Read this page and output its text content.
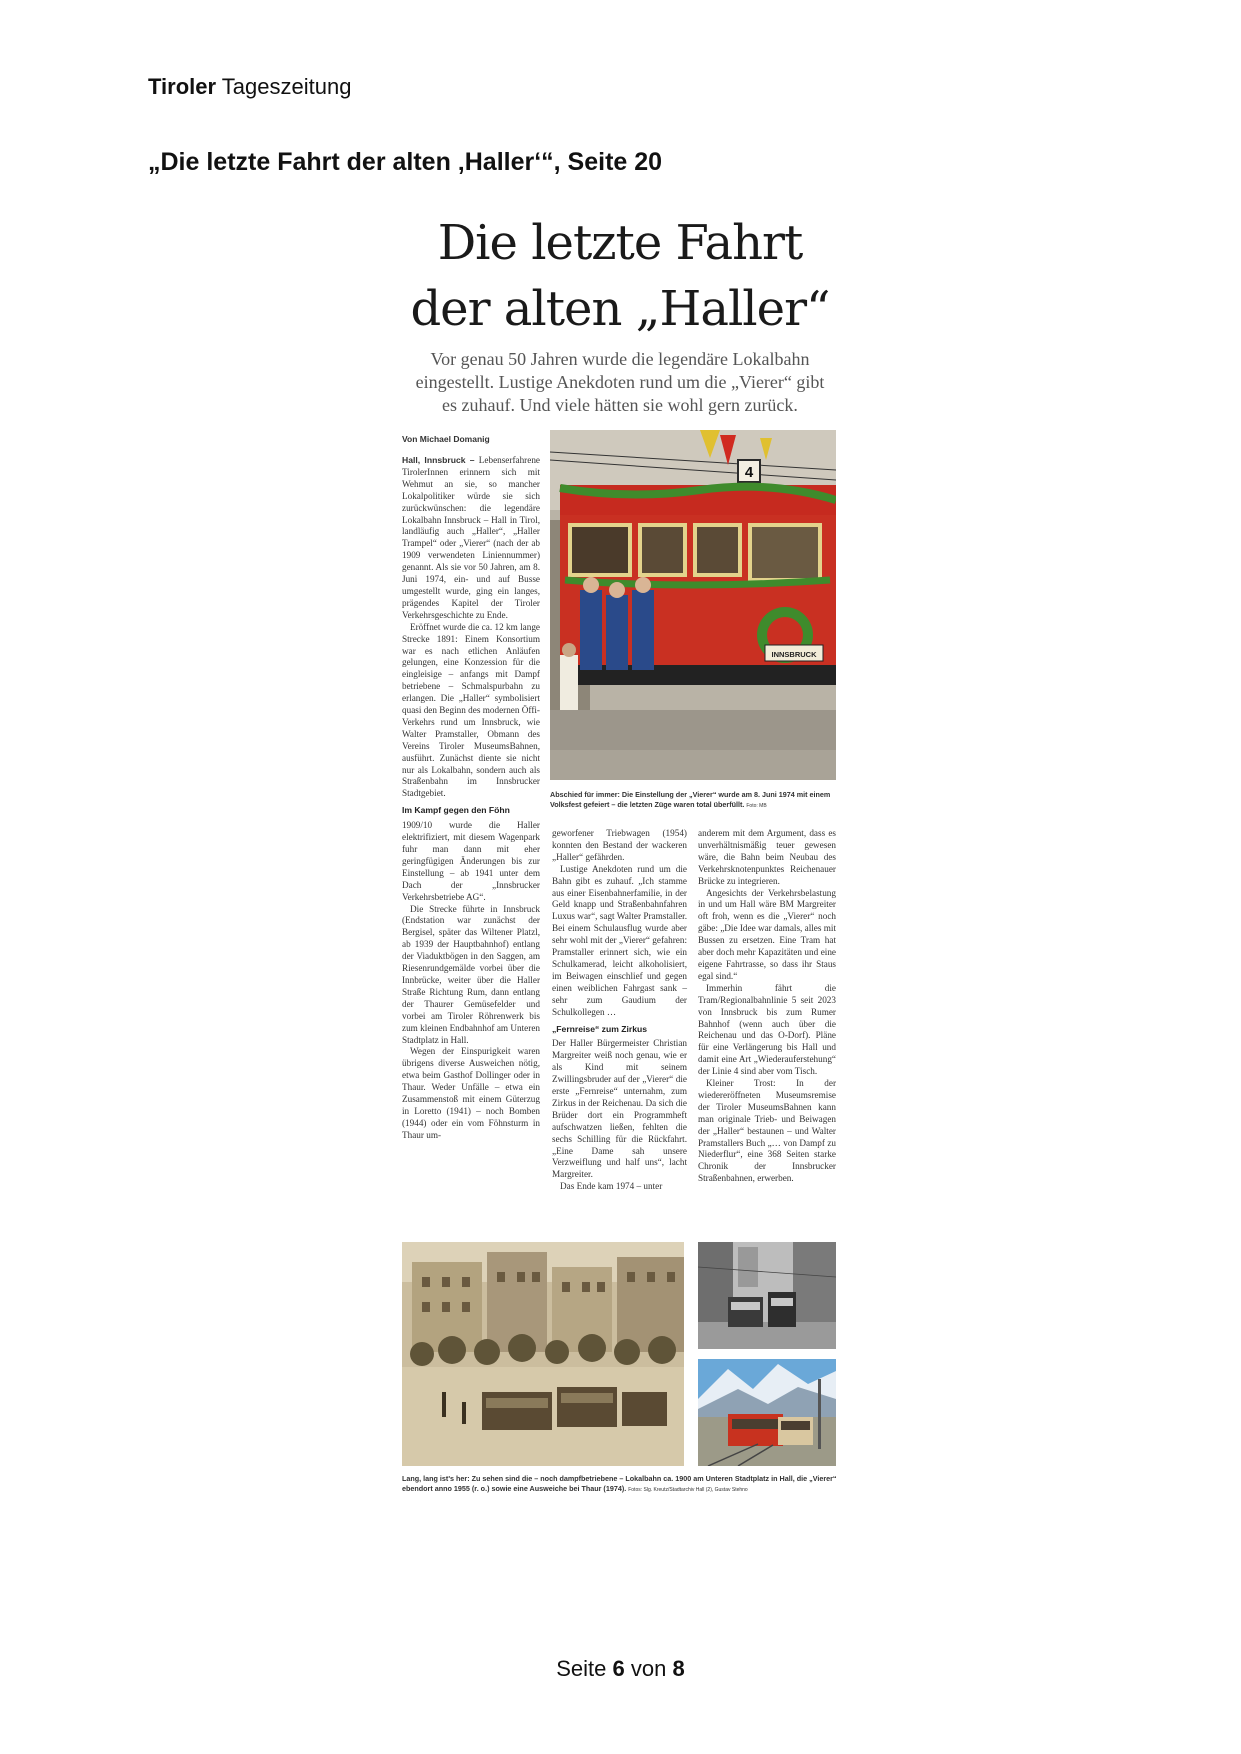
Tiroler Tageszeitung
„Die letzte Fahrt der alten ‚Haller‘“, Seite 20
Die letzte Fahrt
der alten „Haller“
Vor genau 50 Jahren wurde die legendäre Lokalbahn eingestellt. Lustige Anekdoten rund um die „Vierer“ gibt es zuhauf. Und viele hätten sie wohl gern zurück.
Von Michael Domanig

Hall, Innsbruck – Lebenserfahrene TirolerInnen erinnern sich mit Wehmut an sie, so mancher Lokalpolitiker würde sie sich zurückwünschen: die legendäre Lokalbahn Innsbruck – Hall in Tirol, landläufig auch „Haller“, „Haller Trampel“ oder „Vierer“ (nach der ab 1909 verwendeten Liniennummer) genannt. Als sie vor 50 Jahren, am 8. Juni 1974, ein- und auf Busse umgestellt wurde, ging ein langes, prägendes Kapitel der Tiroler Verkehrsgeschichte zu Ende.

Eröffnet wurde die ca. 12 km lange Strecke 1891: Einem Konsortium war es nach etlichen Anläufen gelungen, eine Konzession für die eingleisige – anfangs mit Dampf betriebene – Schmalspurbahn zu erlangen. Die „Haller“ symbolisiert quasi den Beginn des modernen Öffi-Verkehrs rund um Innsbruck, wie Walter Pramstaller, Obmann des Vereins Tiroler MuseumsBahnen, ausführt. Zunächst diente sie nicht nur als Lokalbahn, sondern auch als Straßenbahn im Innsbrucker Stadtgebiet.

Im Kampf gegen den Föhn

1909/10 wurde die Haller elektrifiziert, mit diesem Wagenpark fuhr man dann mit eher geringfügigen Änderungen bis zur Einstellung – ab 1941 unter dem Dach der „Innsbrucker Verkehrsbetriebe AG“.

Die Strecke führte in Innsbruck (Endstation war zunächst der Bergisel, später das Wiltener Platzl, ab 1939 der Hauptbahnhof) entlang der Viaduktbögen in den Saggen, am Riesenrundgemälde vorbei über die Innbrücke, weiter über die Haller Straße Richtung Rum, dann entlang der Thaurer Gemüsefelder und vorbei am Tiroler Röhrenwerk bis zum kleinen Endbahnhof am Unteren Stadtplatz in Hall.

Wegen der Einspurigkeit waren übrigens diverse Ausweichen nötig, etwa beim Gasthof Dollinger oder in Thaur. Weder Unfälle – etwa ein Zusammenstoß mit einem Güterzug in Loretto (1941) – noch Bomben (1944) oder ein vom Föhnsturm in Thaur um-

4
INNSBRUCK
Abschied für immer: Die Einstellung der „Vierer“ wurde am 8. Juni 1974 mit einem Volksfest gefeiert – die letzten Züge waren total überfüllt. Foto: MB

geworfener Triebwagen (1954) konnten den Bestand der wackeren „Haller“ gefährden.

Lustige Anekdoten rund um die Bahn gibt es zuhauf. „Ich stamme aus einer Eisenbahnerfamilie, in der Geld knapp und Straßenbahnfahren Luxus war“, sagt Walter Pramstaller. Bei einem Schulausflug wurde aber sehr wohl mit der „Vierer“ gefahren: Pramstaller erinnert sich, wie ein Schulkamerad, leicht alkoholisiert, im Beiwagen einschlief und gegen einen weiblichen Fahrgast sank – sehr zum Gaudium der Schulkollegen …

„Fernreise“ zum Zirkus

Der Haller Bürgermeister Christian Margreiter weiß noch genau, wie er als Kind mit seinem Zwillingsbruder auf der „Vierer“ die erste „Fernreise“ unternahm, zum Zirkus in der Reichenau. Da sich die Brüder dort ein Programmheft aufschwatzen ließen, fehlten die sechs Schilling für die Rückfahrt. „Eine Dame sah unsere Verzweiflung und half uns“, lacht Margreiter.

Das Ende kam 1974 – unter

anderem mit dem Argument, dass es unverhältnismäßig teuer gewesen wäre, die Bahn beim Neubau des Verkehrsknotenpunktes Reichenauer Brücke zu integrieren.

Angesichts der Verkehrsbelastung in und um Hall wäre BM Margreiter oft froh, wenn es die „Vierer“ noch gäbe: „Die Idee war damals, alles mit Bussen zu ersetzen. Eine Tram hat aber doch mehr Kapazitäten und eine eigene Fahrtrasse, so dass ihr Staus egal sind.“

Immerhin fährt die Tram/Regionalbahnlinie 5 seit 2023 von Innsbruck bis zum Rumer Bahnhof (wenn auch über die Reichenau und das O-Dorf). Pläne für eine Verlängerung bis Hall und damit eine Art „Wiederauferstehung“ der Linie 4 sind aber vom Tisch.

Kleiner Trost: In der wiedereröffneten Museumsremise der Tiroler MuseumsBahnen kann man originale Trieb- und Beiwagen der „Haller“ bestaunen – und Walter Pramstallers Buch „… von Dampf zu Niederflur“, eine 368 Seiten starke Chronik der Innsbrucker Straßenbahnen, erwerben.

Lang, lang ist's her: Zu sehen sind die – noch dampfbetriebene – Lokalbahn ca. 1900 am Unteren Stadtplatz in Hall, die „Vierer“ ebendort anno 1955 (r. o.) sowie eine Ausweiche bei Thaur (1974). Fotos: Slg. Kreutz/Stadtarchiv Hall (2), Gustav Stehno
Seite 6 von 8
